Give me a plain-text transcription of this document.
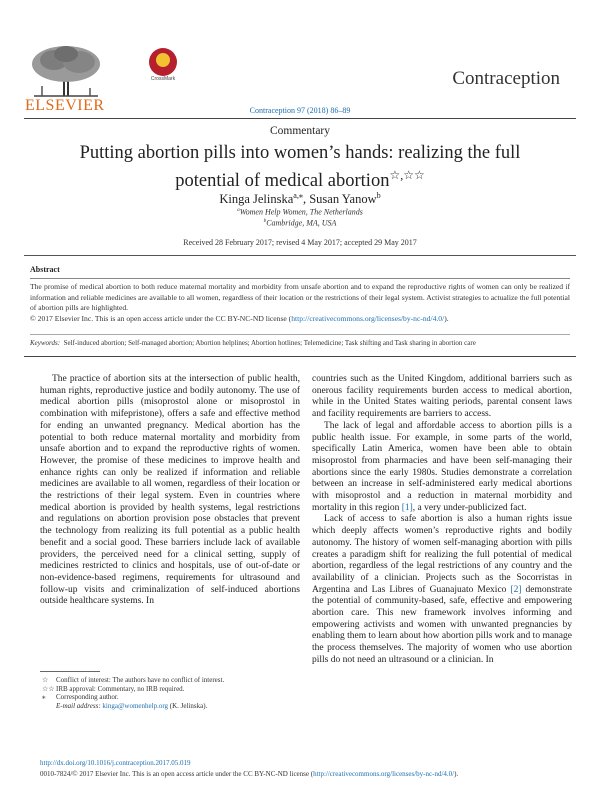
ELSEVIER
CrossMark	Contraception
Contraception 97 (2018) 86–89
Commentary
Putting abortion pills into women’s hands: realizing the full
potential of medical abortion☆,☆☆
Kinga Jelinska$^{a,⁎}$, Susan Yanow$^b$
$^a$Women Help Women, The Netherlands
$^b$Cambridge, MA, USA
Received 28 February 2017; revised 4 May 2017; accepted 29 May 2017
Abstract

The promise of medical abortion to both reduce maternal mortality and morbidity from unsafe abortion and to expand the reproductive rights of women can only be realized if information and reliable medicines are available to all women, regardless of their location or the restrictions of their legal system. Activist strategies to actualize the full potential of abortion pills are highlighted.

© 2017 Elsevier Inc. This is an open access article under the CC BY-NC-ND license (http://creativecommons.org/licenses/by-nc-nd/4.0/).

Keywords: Self-induced abortion; Self-managed abortion; Abortion helplines; Abortion hotlines; Telemedicine; Task shifting and Task sharing in abortion care

The practice of abortion sits at the intersection of public health, human rights, reproductive justice and bodily autonomy. The use of medical abortion pills (misoprostol alone or misoprostol in combination with mifepristone), offers a safe and effective method for ending an unwanted pregnancy. Medical abortion has the potential to both reduce maternal mortality and morbidity from unsafe abortion and to expand the reproductive rights of women. However, the promise of these medicines to improve health and enhance rights can only be realized if information and reliable medicines are available to all women, regardless of their location or the restrictions of their legal system. Even in countries where medical abortion is provided by health systems, legal restrictions and regulations on abortion provision pose obstacles that prevent the technology from realizing its full potential as a public health benefit and a social good. These barriers include lack of available providers, the perceived need for a clinical setting, supply of medicines restricted to clinics and hospitals, use of out-of-date or non-evidence-based regimens, requirements for ultrasound and follow-up visits and criminalization of self-induced abortions outside healthcare systems. In

countries such as the United Kingdom, additional barriers such as onerous facility requirements burden access to medical abortion, while in the United States waiting periods, parental consent laws and facility requirements are barriers to access.

The lack of legal and affordable access to abortion pills is a public health issue. For example, in some parts of the world, specifically Latin America, women have been able to obtain misoprostol from pharmacies and have been self-managing their abortions since the early 1980s. Studies demonstrate a correlation between an increase in self-administered early medical abortions with misoprostol and a reduction in maternal morbidity and mortality in this region [1], a very under-publicized fact.

Lack of access to safe abortion is also a human rights issue which deeply affects women’s reproductive rights and bodily autonomy. The history of women self-managing abortion with pills creates a paradigm shift for realizing the full potential of medical abortion, regardless of the legal restrictions of any country and the availability of a clinician. Projects such as the Socorristas in Argentina and Las Libres of Guanajuato Mexico [2] demonstrate the potential of community-based, safe, effective and empowering abortion care. This new framework involves informing and empowering activists and women with unwanted pregnancies by enabling them to learn about how abortion pills work and to manage the process themselves. The majority of women who use abortion pills do not need an ultrasound or a clinician. In

☆ Conflict of interest: The authors have no conflict of interest.
☆☆ IRB approval: Commentary, no IRB required.
⁎ Corresponding author.
E-mail address: kinga@womenhelp.org (K. Jelinska).
http://dx.doi.org/10.1016/j.contraception.2017.05.019
0010-7824/© 2017 Elsevier Inc. This is an open access article under the CC BY-NC-ND license (http://creativecommons.org/licenses/by-nc-nd/4.0/).
